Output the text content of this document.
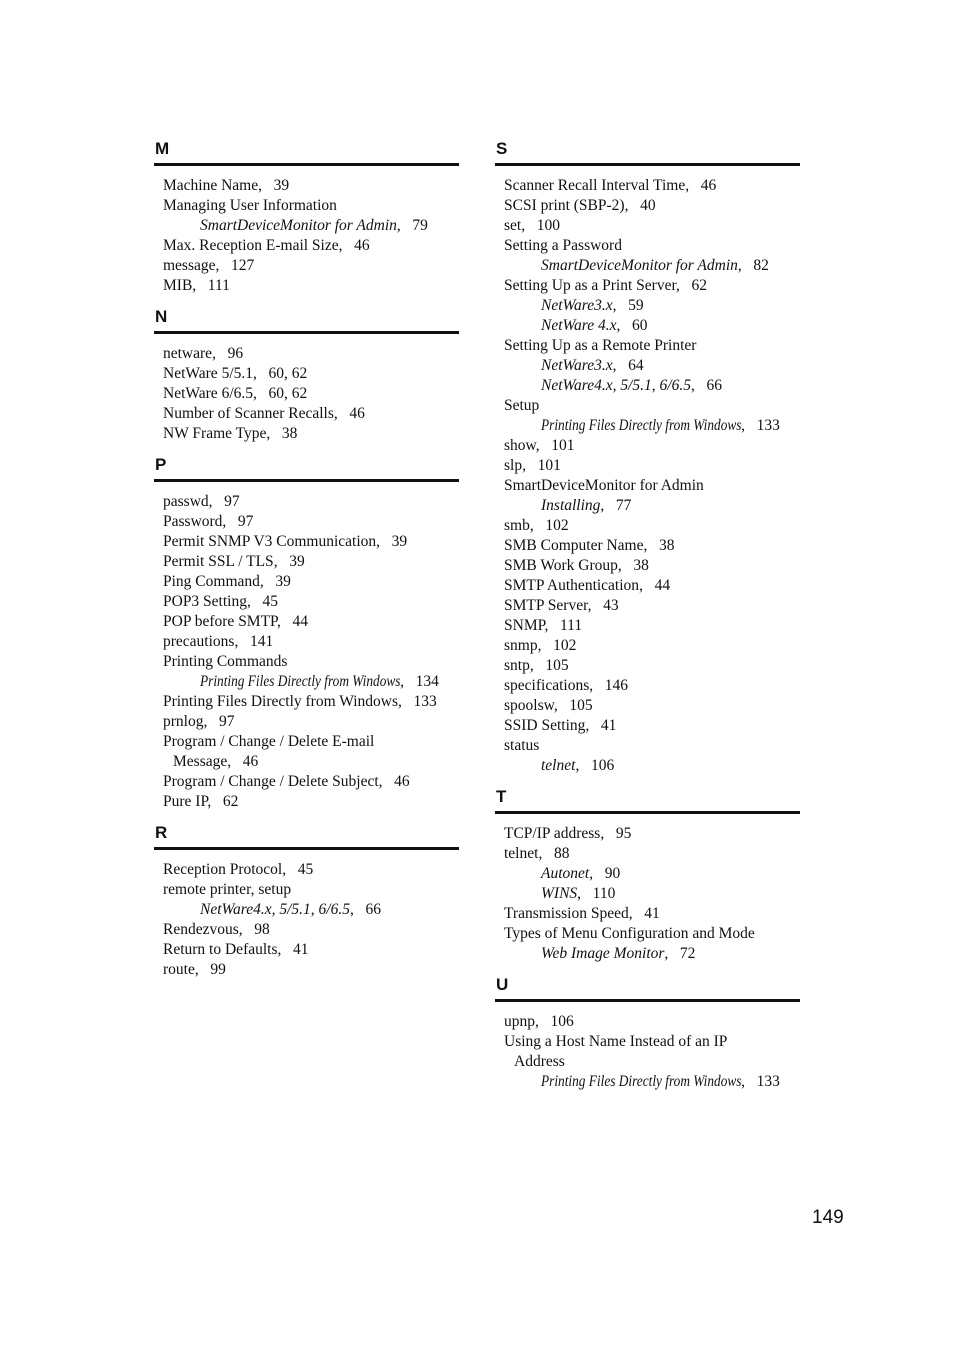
M
Machine Name,   39
Managing User Information
SmartDeviceMonitor for Admin,   79
Max. Reception E-mail Size,   46
message,   127
MIB,   111
N
netware,   96
NetWare 5/5.1,   60, 62
NetWare 6/6.5,   60, 62
Number of Scanner Recalls,   46
NW Frame Type,   38
P
passwd,   97
Password,   97
Permit SNMP V3 Communication,   39
Permit SSL / TLS,   39
Ping Command,   39
POP3 Setting,   45
POP before SMTP,   44
precautions,   141
Printing Commands
Printing Files Directly from Windows,   134
Printing Files Directly from Windows,   133
prnlog,   97
Program / Change / Delete E-mail
Message,   46
Program / Change / Delete Subject,   46
Pure IP,   62
R
Reception Protocol,   45
remote printer, setup
NetWare4.x, 5/5.1, 6/6.5,   66
Rendezvous,   98
Return to Defaults,   41
route,   99
S
Scanner Recall Interval Time,   46
SCSI print (SBP-2),   40
set,   100
Setting a Password
SmartDeviceMonitor for Admin,   82
Setting Up as a Print Server,   62
NetWare3.x,   59
NetWare 4.x,   60
Setting Up as a Remote Printer
NetWare3.x,   64
NetWare4.x, 5/5.1, 6/6.5,   66
Setup
Printing Files Directly from Windows,   133
show,   101
slp,   101
SmartDeviceMonitor for Admin
Installing,   77
smb,   102
SMB Computer Name,   38
SMB Work Group,   38
SMTP Authentication,   44
SMTP Server,   43
SNMP,   111
snmp,   102
sntp,   105
specifications,   146
spoolsw,   105
SSID Setting,   41
status
telnet,   106
T
TCP/IP address,   95
telnet,   88
Autonet,   90
WINS,   110
Transmission Speed,   41
Types of Menu Configuration and Mode
Web Image Monitor,   72
U
upnp,   106
Using a Host Name Instead of an IP
Address
Printing Files Directly from Windows,   133
149
